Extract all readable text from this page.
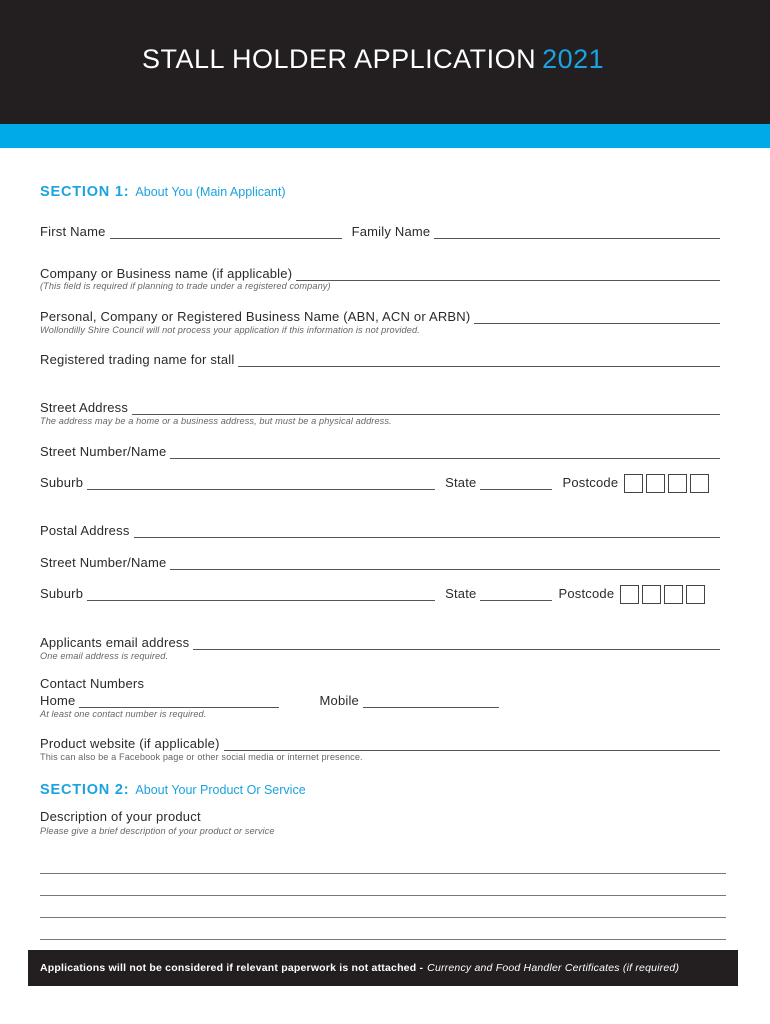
STALL HOLDER APPLICATION 2021
SECTION 1: About You (Main Applicant)
First Name	Family Name
Company or Business name (if applicable)
(This field is required if planning to trade under a registered company)
Personal, Company or Registered Business Name (ABN, ACN or ARBN)
Wollondilly Shire Council will not process your application if this information is not provided.
Registered trading name for stall
Street Address
The address may be a home or a business address, but must be a physical address.
Street Number/Name
Suburb	State	Postcode
Postal Address
Street Number/Name
Suburb	State	Postcode
Applicants email address
One email address is required.
Contact Numbers
Home	Mobile
At least one contact number is required.
Product website (if applicable)
This can also be a Facebook page or other social media or internet presence.
SECTION 2: About Your Product Or Service
Description of your product
Please give a brief description of your product or service
Applications will not be considered if relevant paperwork is not attached - Currency and Food Handler Certificates (if required)
